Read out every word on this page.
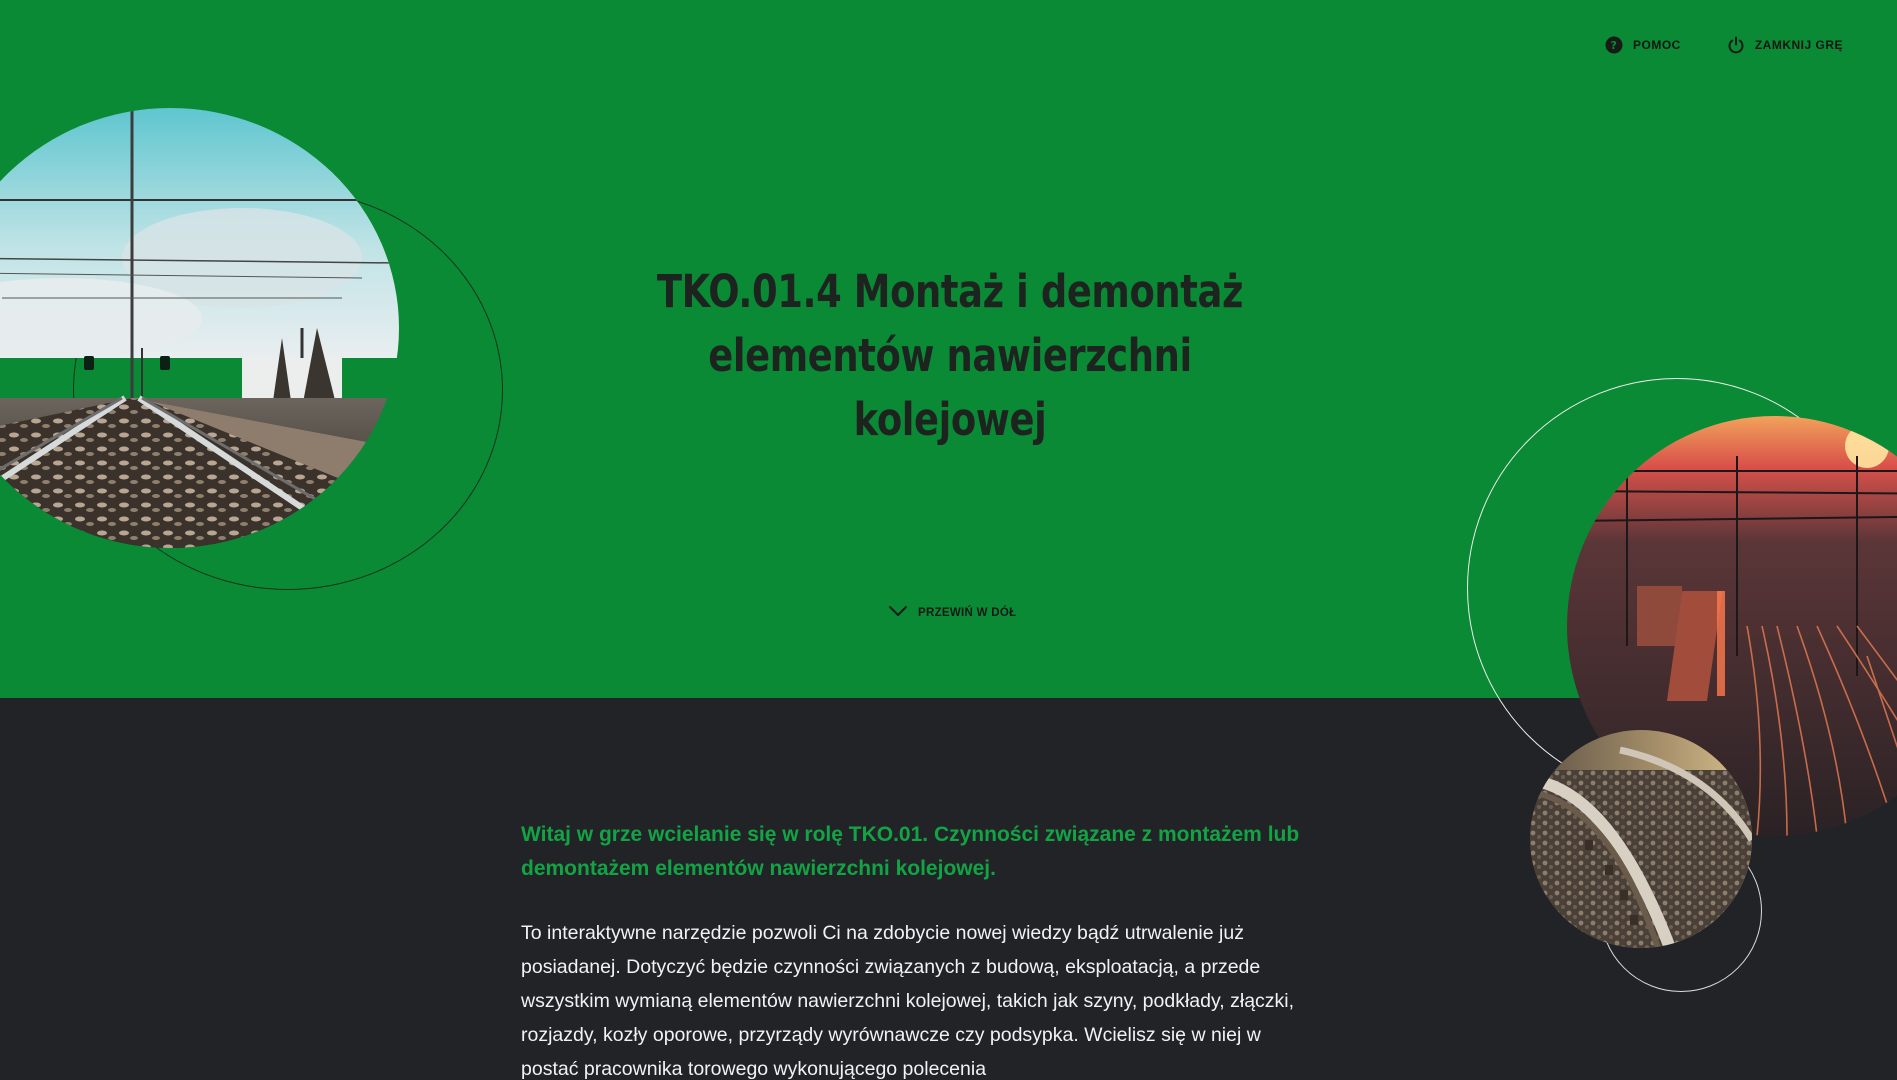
? POMOC	ZAMKNIJ GRĘ
TKO.01.4 Montaż i demontaż elementów nawierzchni kolejowej
PRZEWIŃ W DÓŁ

Witaj w grze wcielanie się w rolę TKO.01. Czynności związane z montażem lub demontażem elementów nawierzchni kolejowej.

To interaktywne narzędzie pozwoli Ci na zdobycie nowej wiedzy bądź utrwalenie już posiadanej. Dotyczyć będzie czynności związanych z budową, eksploatacją, a przede wszystkim wymianą elementów nawierzchni kolejowej, takich jak szyny, podkłady, złączki, rozjazdy, kozły oporowe, przyrządy wyrównawcze czy podsypka. Wcielisz się w niej w postać pracownika torowego wykonującego polecenia
